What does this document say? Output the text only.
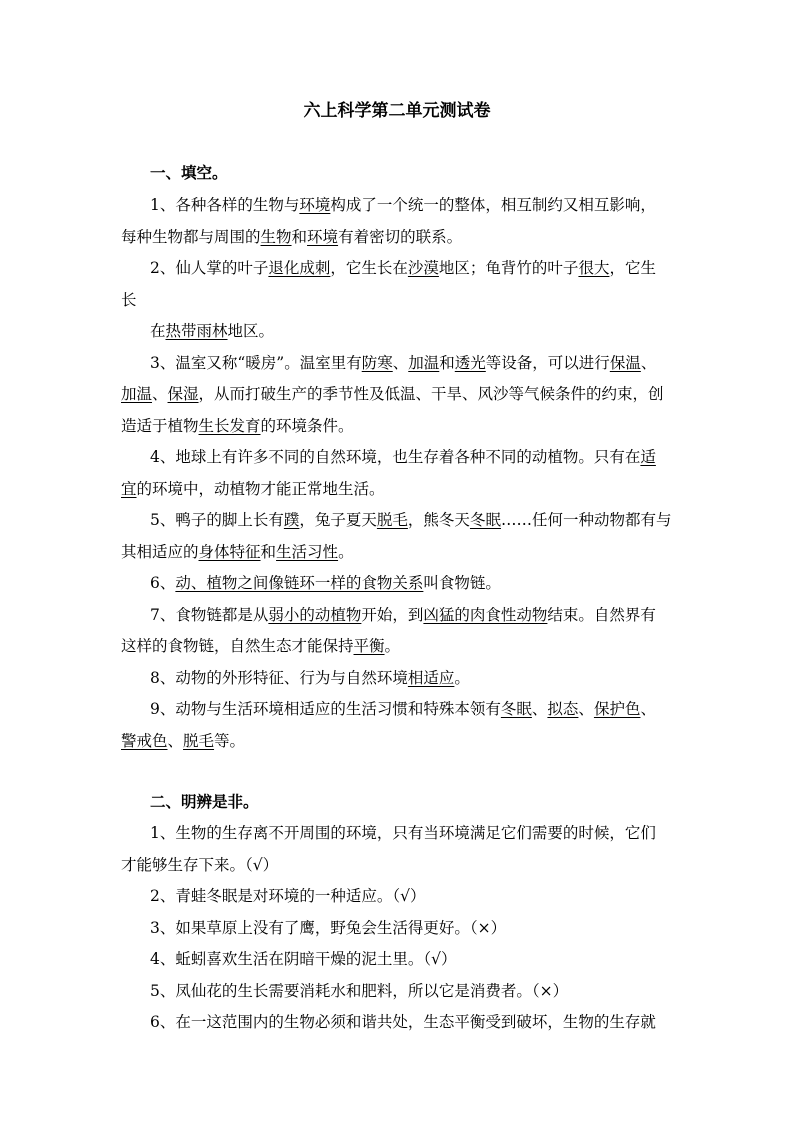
六上科学第二单元测试卷
一、填空。
1、各种各样的生物与环境构成了一个统一的整体，相互制约又相互影响，
每种生物都与周围的生物和环境有着密切的联系。
2、仙人掌的叶子退化成刺，它生长在沙漠地区；龟背竹的叶子很大，它生
长
在热带雨林地区。
3、温室又称“暖房”。温室里有防寒、加温和透光等设备，可以进行保温、
加温、保湿，从而打破生产的季节性及低温、干旱、风沙等气候条件的约束，创
造适于植物生长发育的环境条件。
4、地球上有许多不同的自然环境，也生存着各种不同的动植物。只有在适
宜的环境中，动植物才能正常地生活。
5、鸭子的脚上长有蹼，兔子夏天脱毛，熊冬天冬眠……任何一种动物都有与
其相适应的身体特征和生活习性。
6、动、植物之间像链环一样的食物关系叫食物链。
7、食物链都是从弱小的动植物开始，到凶猛的肉食性动物结束。自然界有
这样的食物链，自然生态才能保持平衡。
8、动物的外形特征、行为与自然环境相适应。
9、动物与生活环境相适应的生活习惯和特殊本领有冬眠、拟态、保护色、
警戒色、脱毛等。
二、明辨是非。
1、生物的生存离不开周围的环境，只有当环境满足它们需要的时候，它们
才能够生存下来。（√）
2、青蛙冬眠是对环境的一种适应。（√）
3、如果草原上没有了鹰，野兔会生活得更好。（×）
4、蚯蚓喜欢生活在阴暗干燥的泥土里。（√）
5、凤仙花的生长需要消耗水和肥料，所以它是消费者。（×）
6、在一这范围内的生物必须和谐共处，生态平衡受到破坏，生物的生存就
